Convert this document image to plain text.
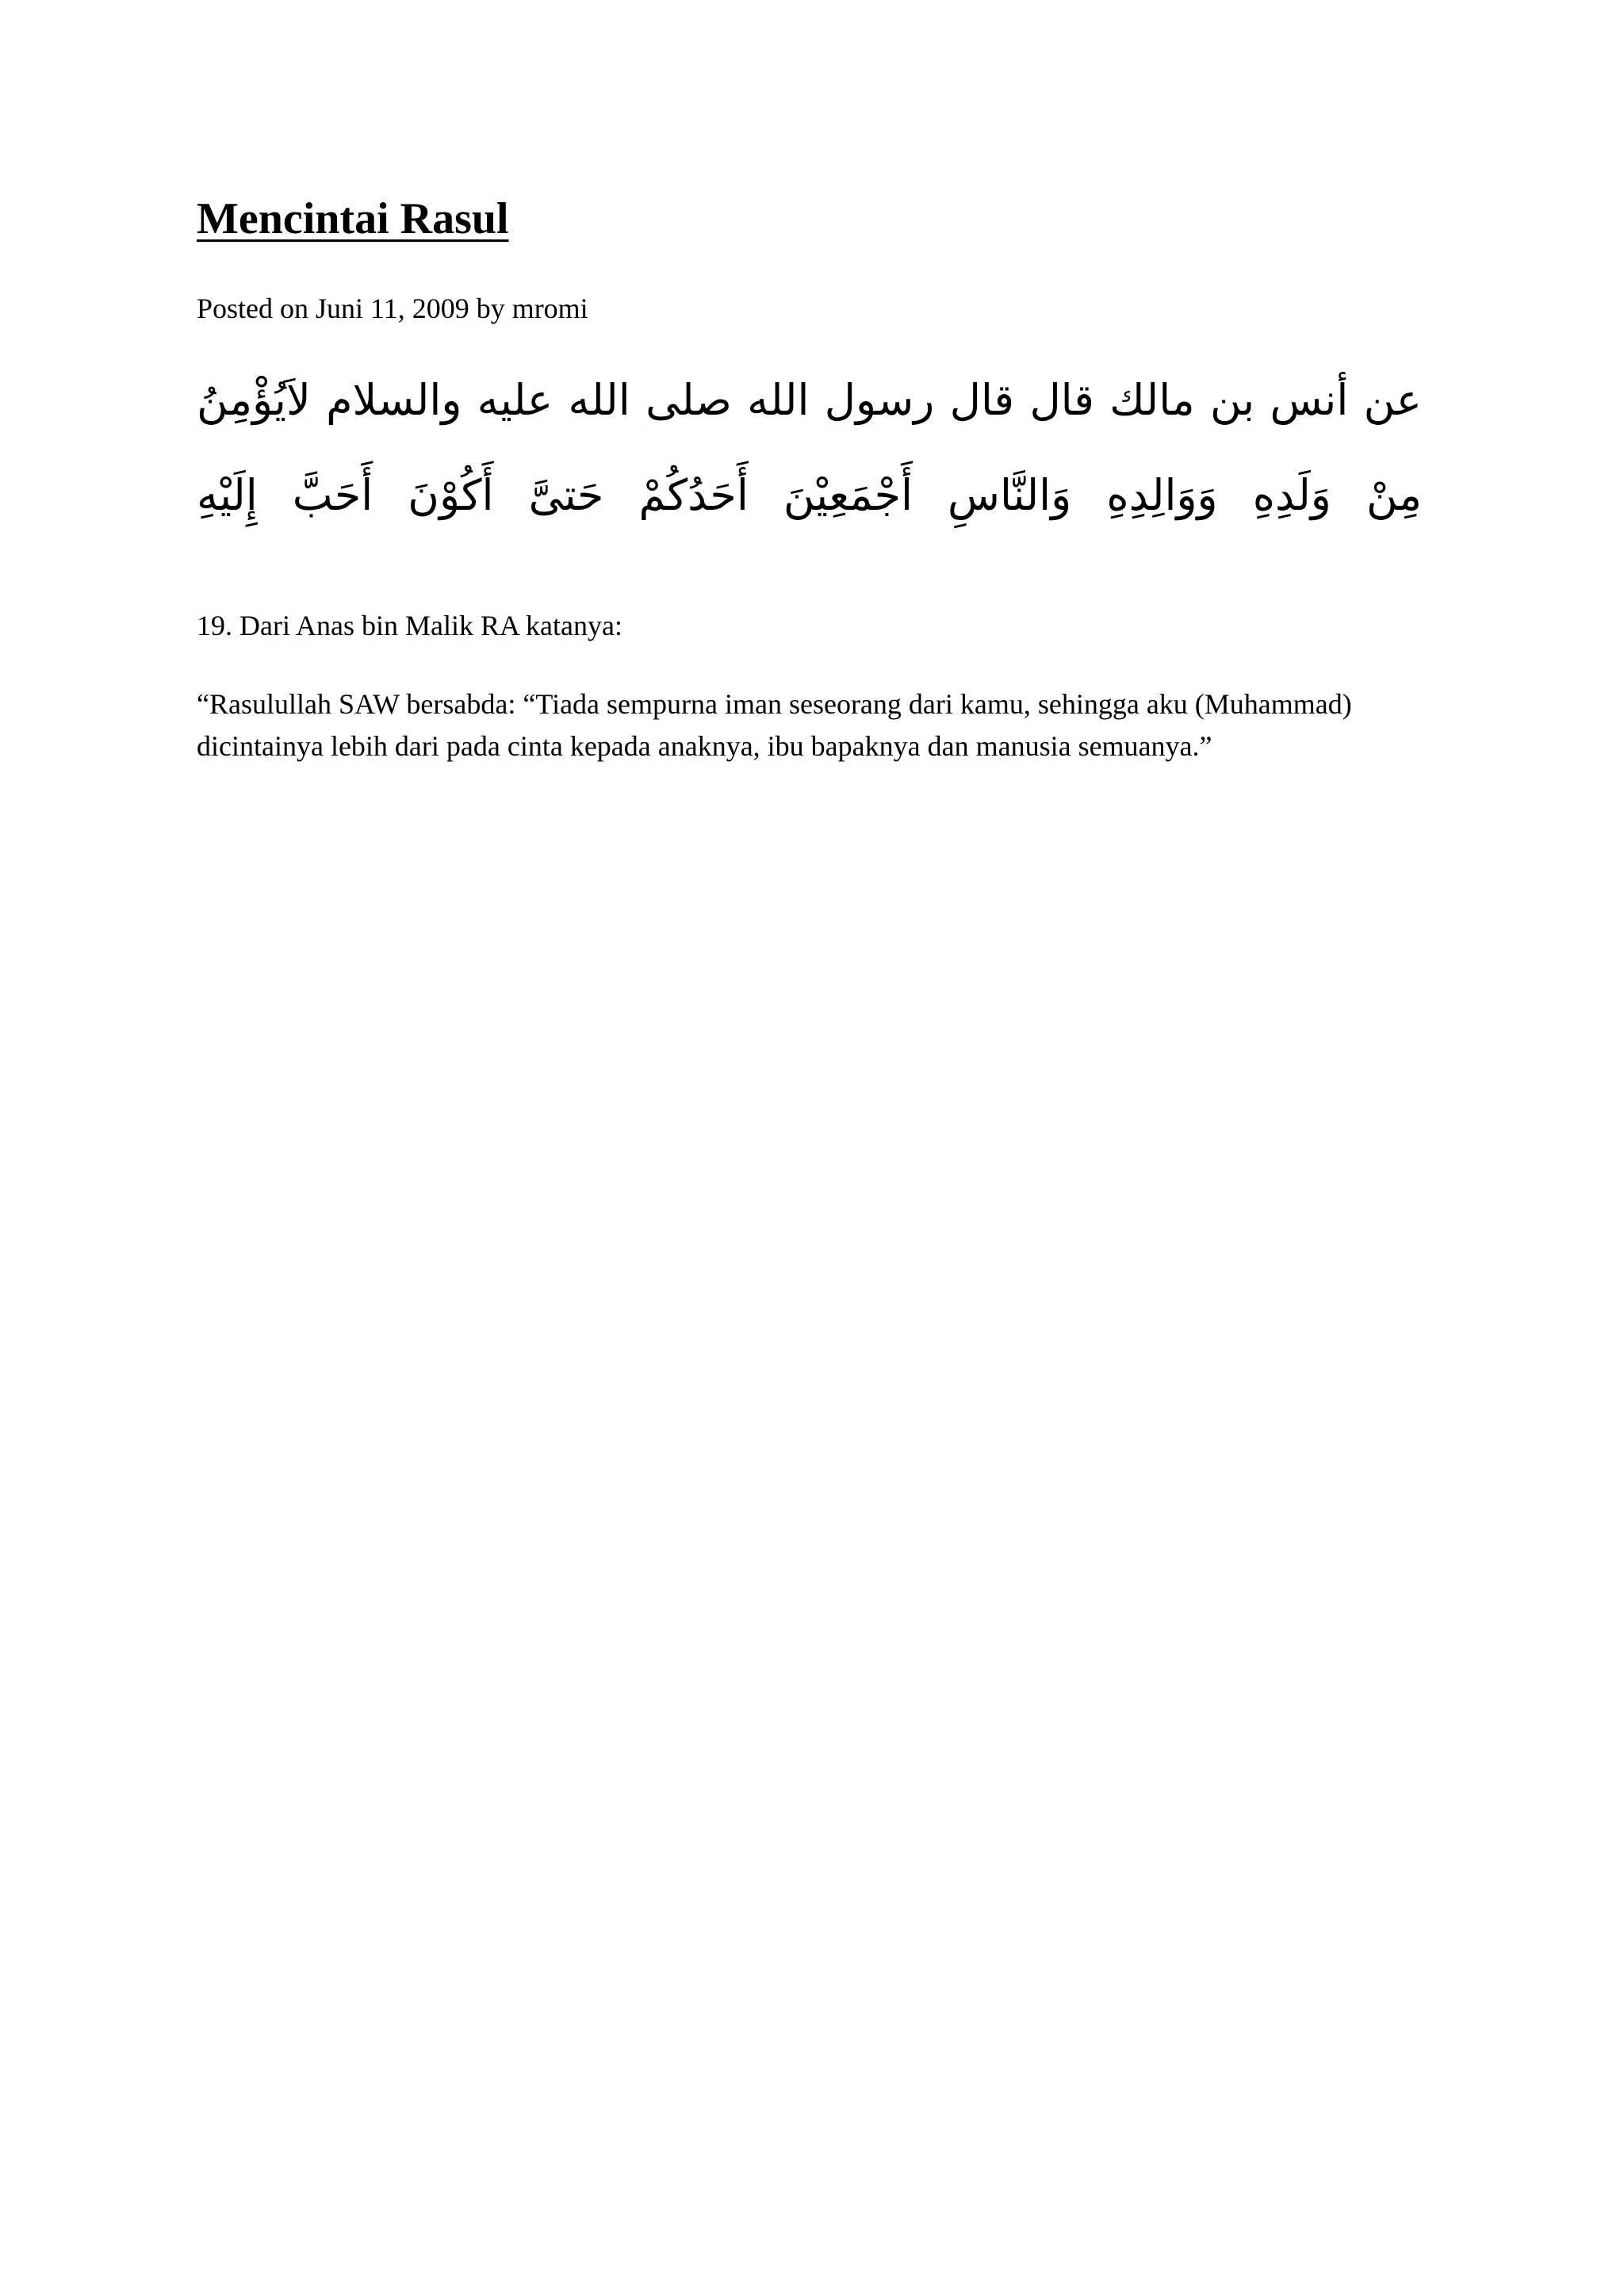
Mencintai Rasul
Posted on Juni 11, 2009 by mromi
عن أنس بن مالك قال قال رسول الله صلى الله عليه والسلام لاَيُؤْمِنُ
مِنْ وَلَدِهِ وَوَالِدِهِ وَالنَّاسِ أَجْمَعِيْنَ أَحَدُكُمْ حَتىَّ أَكُوْنَ أَحَبَّ إِلَيْهِ
19. Dari Anas bin Malik RA katanya:

“Rasulullah SAW bersabda: “Tiada sempurna iman seseorang dari kamu, sehingga aku (Muhammad) dicintainya lebih dari pada cinta kepada anaknya, ibu bapaknya dan manusia semuanya.”
